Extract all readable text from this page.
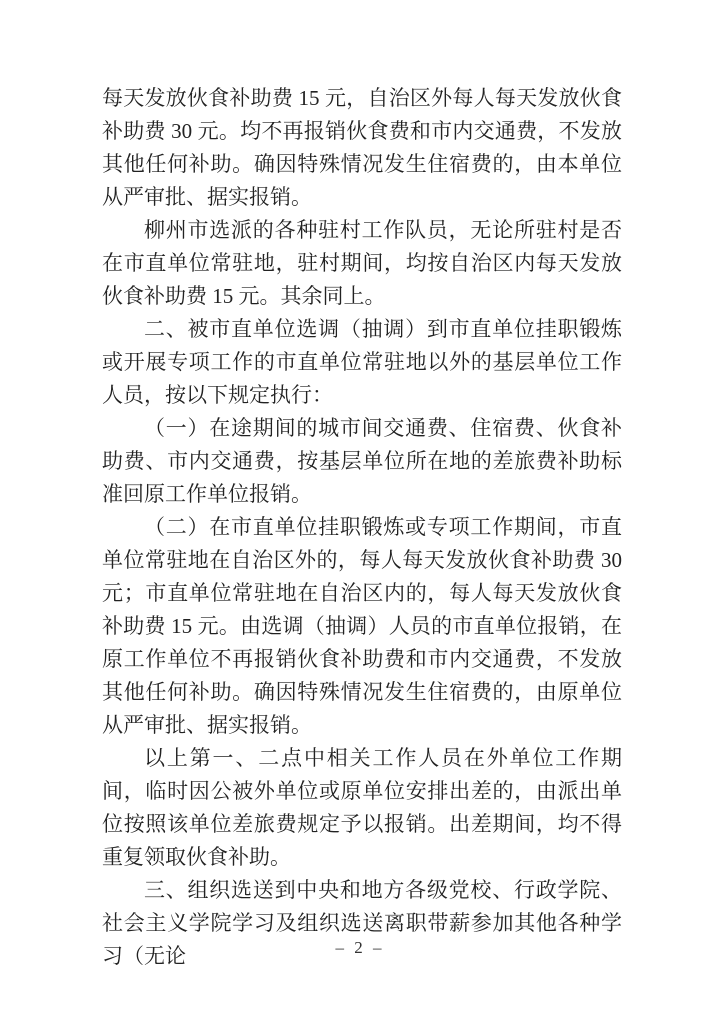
每天发放伙食补助费 15 元，自治区外每人每天发放伙食补助费 30 元。均不再报销伙食费和市内交通费，不发放其他任何补助。确因特殊情况发生住宿费的，由本单位从严审批、据实报销。

柳州市选派的各种驻村工作队员，无论所驻村是否在市直单位常驻地，驻村期间，均按自治区内每天发放伙食补助费 15 元。其余同上。

二、被市直单位选调（抽调）到市直单位挂职锻炼或开展专项工作的市直单位常驻地以外的基层单位工作人员，按以下规定执行：

（一）在途期间的城市间交通费、住宿费、伙食补助费、市内交通费，按基层单位所在地的差旅费补助标准回原工作单位报销。

（二）在市直单位挂职锻炼或专项工作期间，市直单位常驻地在自治区外的，每人每天发放伙食补助费 30 元；市直单位常驻地在自治区内的，每人每天发放伙食补助费 15 元。由选调（抽调）人员的市直单位报销，在原工作单位不再报销伙食补助费和市内交通费，不发放其他任何补助。确因特殊情况发生住宿费的，由原单位从严审批、据实报销。

以上第一、二点中相关工作人员在外单位工作期间，临时因公被外单位或原单位安排出差的，由派出单位按照该单位差旅费规定予以报销。出差期间，均不得重复领取伙食补助。

三、组织选送到中央和地方各级党校、行政学院、社会主义学院学习及组织选送离职带薪参加其他各种学习（无论	– 2 –
